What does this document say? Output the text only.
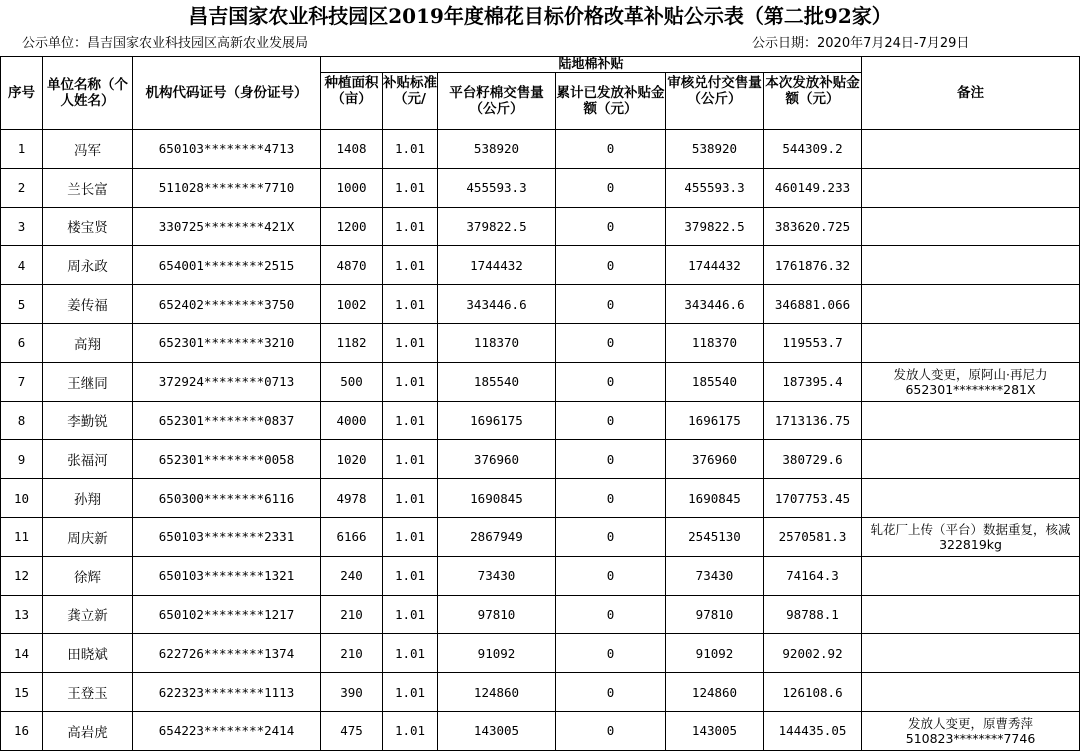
昌吉国家农业科技园区2019年度棉花目标价格改革补贴公示表（第二批92家）
公示单位：昌吉国家农业科技园区高新农业发展局	公示日期：2020年7月24日-7月29日
序号	单位名称（个人姓名）	机构代码证号（身份证号）	陆地棉补贴						备注

			种植面积（亩）	补贴标准（元/	平台籽棉交售量（公斤）	累计已发放补贴金额（元）	审核兑付交售量（公斤）	本次发放补贴金额（元）	

1	冯军	650103********4713	1408	1.01	538920	0	538920	544309.2	
2	兰长富	511028********7710	1000	1.01	455593.3	0	455593.3	460149.233	
3	楼宝贤	330725********421X	1200	1.01	379822.5	0	379822.5	383620.725	
4	周永政	654001********2515	4870	1.01	1744432	0	1744432	1761876.32	
5	姜传福	652402********3750	1002	1.01	343446.6	0	343446.6	346881.066	
6	高翔	652301********3210	1182	1.01	118370	0	118370	119553.7	
7	王继同	372924********0713	500	1.01	185540	0	185540	187395.4	发放人变更，原阿山·再尼力652301********281X
8	李勤锐	652301********0837	4000	1.01	1696175	0	1696175	1713136.75	
9	张福河	652301********0058	1020	1.01	376960	0	376960	380729.6	
10	孙翔	650300********6116	4978	1.01	1690845	0	1690845	1707753.45	
11	周庆新	650103********2331	6166	1.01	2867949	0	2545130	2570581.3	轧花厂上传（平台）数据重复，核减322819kg
12	徐辉	650103********1321	240	1.01	73430	0	73430	74164.3	
13	龚立新	650102********1217	210	1.01	97810	0	97810	98788.1	
14	田晓斌	622726********1374	210	1.01	91092	0	91092	92002.92	
15	王登玉	622323********1113	390	1.01	124860	0	124860	126108.6	
16	高岩虎	654223********2414	475	1.01	143005	0	143005	144435.05	发放人变更，原曹秀萍510823********7746
